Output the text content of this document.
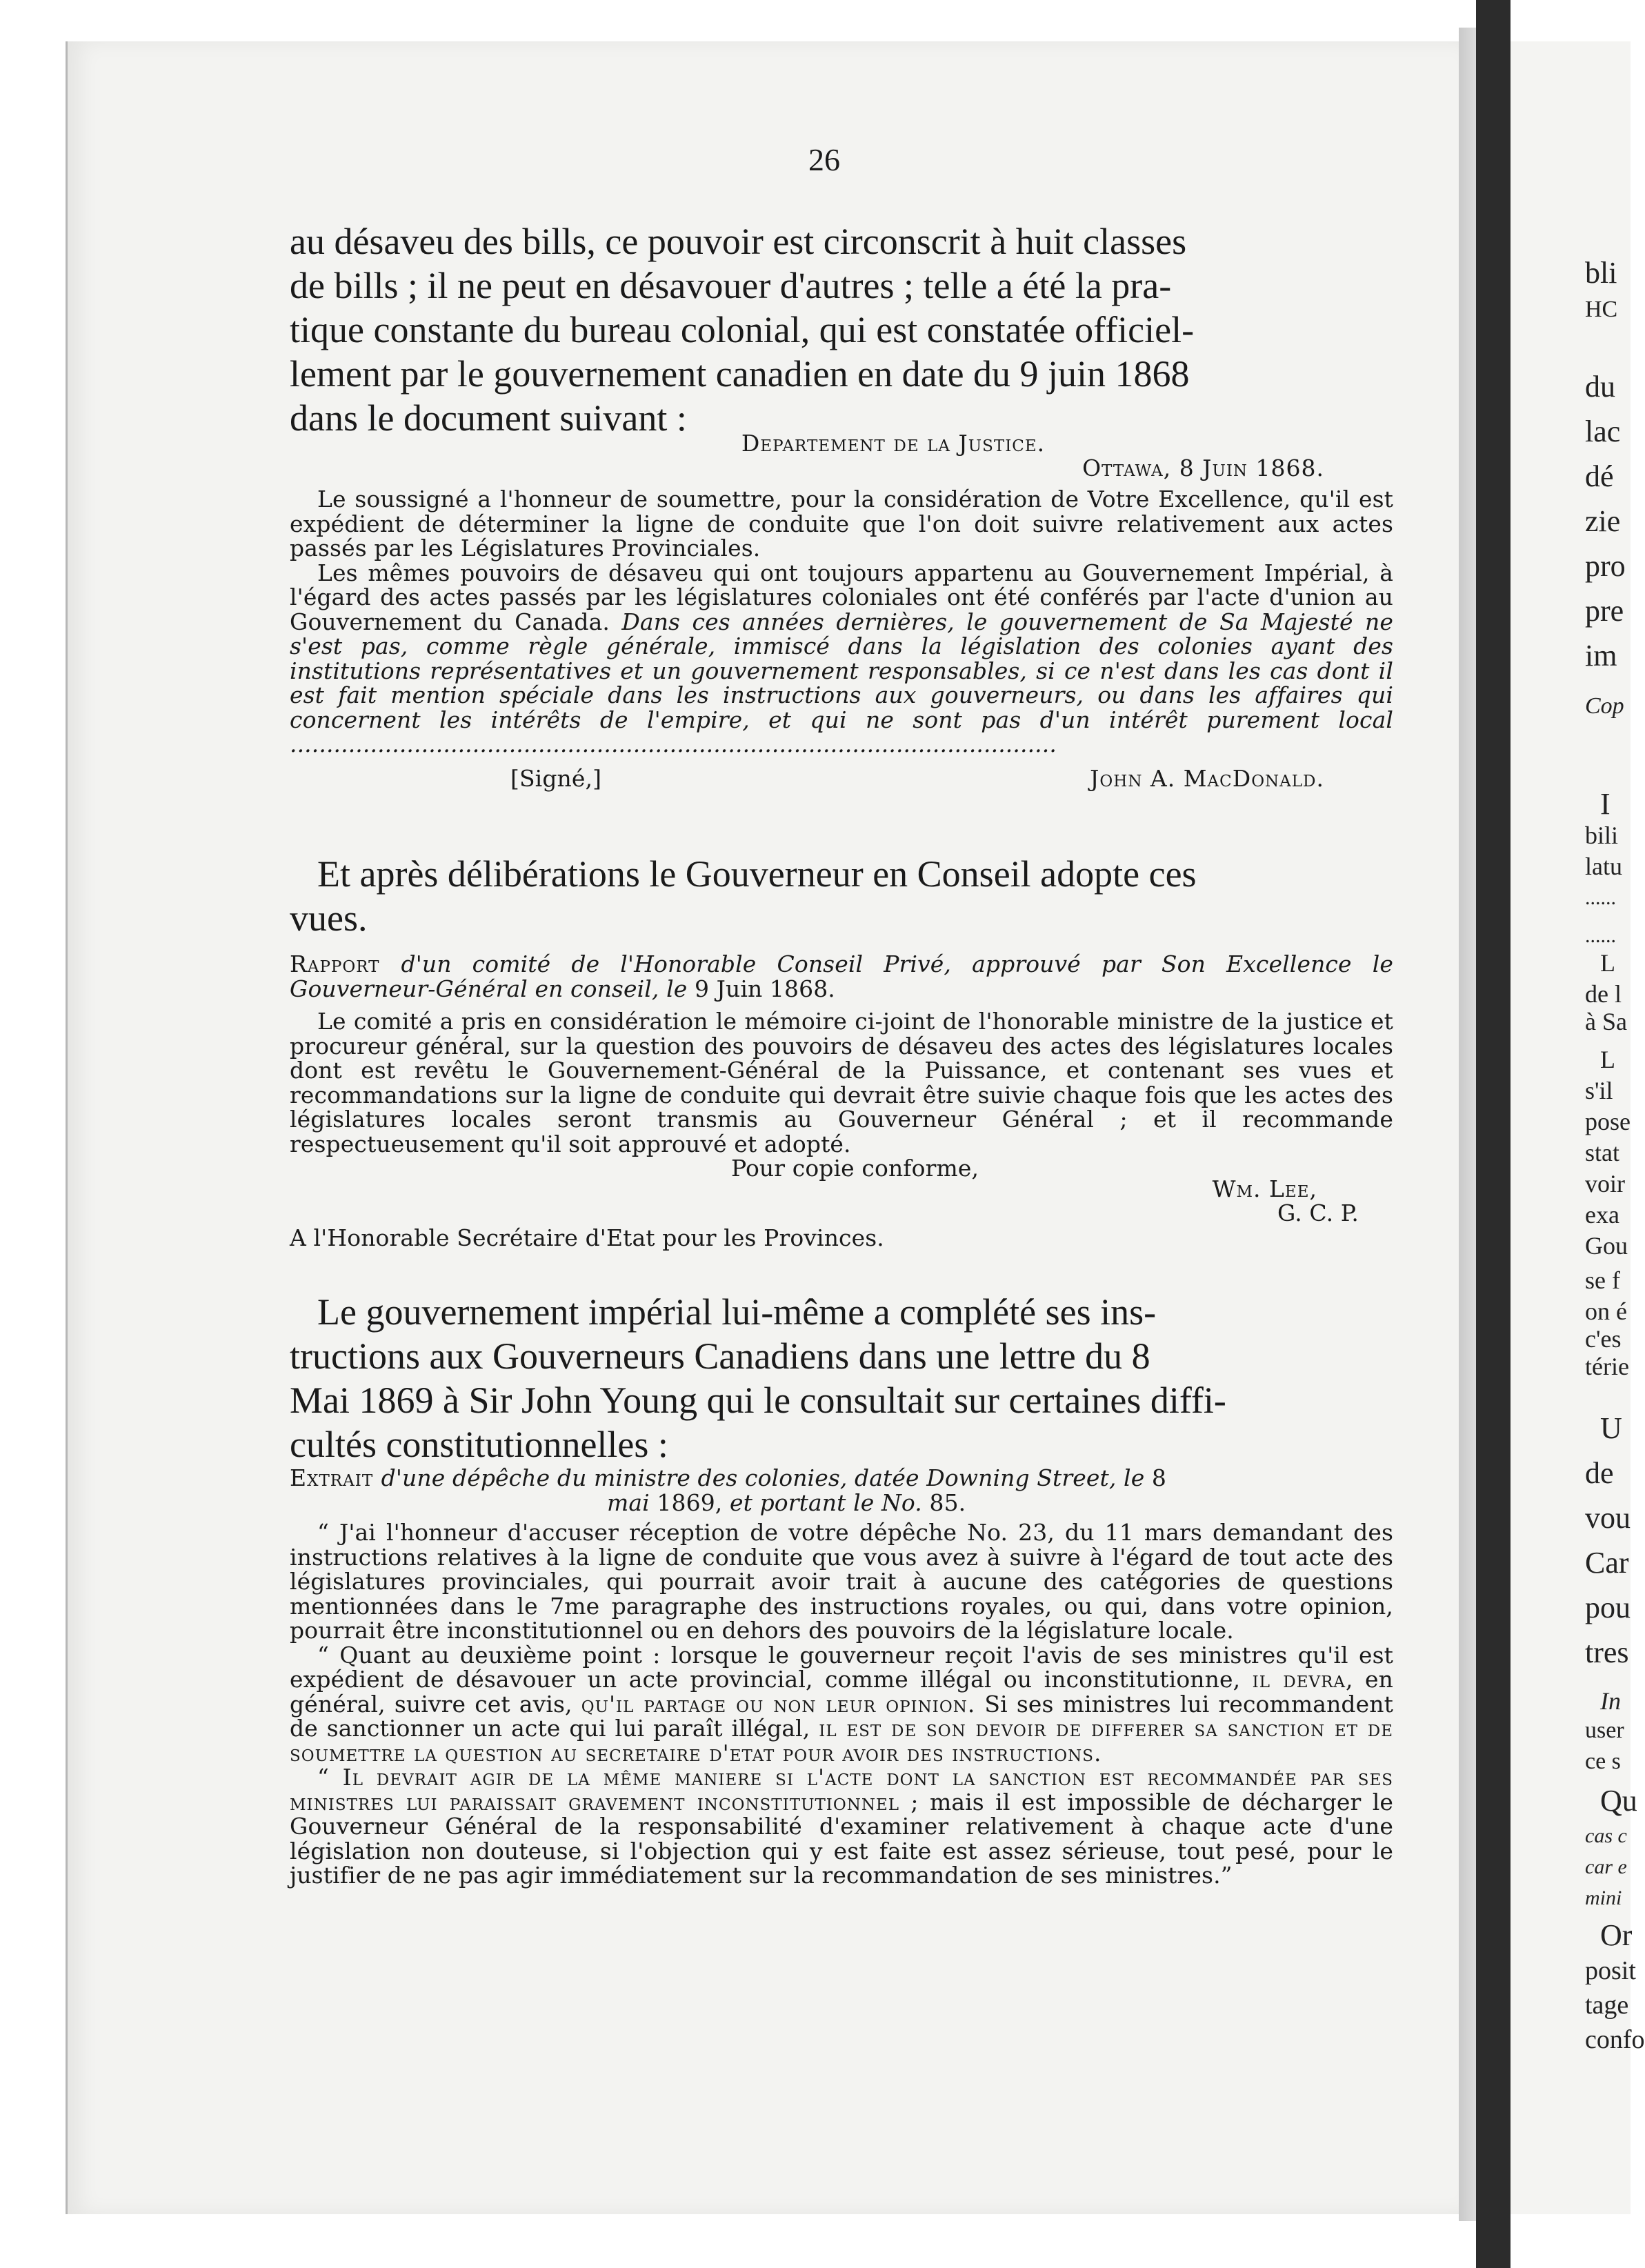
bli
HC
du
lac
dé
zie
pro
pre
im
Cop
I
bili
latu
......
......
L
de l
à Sa
L
s'il
pose
stat
voir
exa
Gou
se f
on é
c'es
térie
U
de
vou
Car
pou
tres
In
user
ce s
Qu
cas c
car e
mini
Or
posit
tage
confo
26
au désaveu des bills, ce pouvoir est circonscrit à huit classes
de bills ; il ne peut en désavouer d'autres ; telle a été la pra-
tique constante du bureau colonial, qui est constatée officiel-
lement par le gouvernement canadien en date du 9 juin 1868
dans le document suivant :
Departement de la Justice.
Ottawa, 8 Juin 1868.

Le soussigné a l'honneur de soumettre, pour la considération de Votre Excellence, qu'il est expédient de déterminer la ligne de conduite que l'on doit suivre relativement aux actes passés par les Législatures Provinciales.

Les mêmes pouvoirs de désaveu qui ont toujours appartenu au Gouvernement Impérial, à l'égard des actes passés par les législatures coloniales ont été conférés par l'acte d'union au Gouvernement du Canada. Dans ces années dernières, le gouvernement de Sa Majesté ne s'est pas, comme règle générale, immiscé dans la législation des colonies ayant des institutions représentatives et un gouvernement responsables, si ce n'est dans les cas dont il est fait mention spéciale dans les instructions aux gouverneurs, ou dans les affaires qui concernent les intérêts de l'empire, et qui ne sont pas d'un intérêt purement local .....

[Signé,]	John A. MacDonald.
Et après délibérations le Gouverneur en Conseil adopte ces
vues.

Rapport d'un comité de l'Honorable Conseil Privé, approuvé par Son Excellence le Gouverneur-Général en conseil, le 9 Juin 1868.

Le comité a pris en considération le mémoire ci-joint de l'honorable ministre de la justice et procureur général, sur la question des pouvoirs de désaveu des actes des législatures locales dont est revêtu le Gouvernement-Général de la Puissance, et contenant ses vues et recommandations sur la ligne de conduite qui devrait être suivie chaque fois que les actes des législatures locales seront transmis au Gouverneur Général ; et il recommande respectueusement qu'il soit approuvé et adopté.

Pour copie conforme,
Wm. Lee,
G. C. P.
A l'Honorable Secrétaire d'Etat pour les Provinces.
Le gouvernement impérial lui-même a complété ses ins-
tructions aux Gouverneurs Canadiens dans une lettre du 8
Mai 1869 à Sir John Young qui le consultait sur certaines diffi-
cultés constitutionnelles :

Extrait d'une dépêche du ministre des colonies, datée Downing Street, le 8

mai 1869, et portant le No. 85.

“ J'ai l'honneur d'accuser réception de votre dépêche No. 23, du 11 mars demandant des instructions relatives à la ligne de conduite que vous avez à suivre à l'égard de tout acte des législatures provinciales, qui pourrait avoir trait à aucune des catégories de questions mentionnées dans le 7me paragraphe des instructions royales, ou qui, dans votre opinion, pourrait être inconstitutionnel ou en dehors des pouvoirs de la législature locale.

“ Quant au deuxième point : lorsque le gouverneur reçoit l'avis de ses ministres qu'il est expédient de désavouer un acte provincial, comme illégal ou inconstitutionne, il devra, en général, suivre cet avis, qu'il partage ou non leur opinion. Si ses ministres lui recommandent de sanctionner un acte qui lui paraît illégal, il est de son devoir de differer sa sanction et de soumettre la question au secretaire d'etat pour avoir des instructions.

“ Il devrait agir de la même maniere si l'acte dont la sanction est recommandée par ses ministres lui paraissait gravement inconstitutionnel ; mais il est impossible de décharger le Gouverneur Général de la responsabilité d'examiner relativement à chaque acte d'une législation non douteuse, si l'objection qui y est faite est assez sérieuse, tout pesé, pour le justifier de ne pas agir immédiatement sur la recommandation de ses ministres.”
